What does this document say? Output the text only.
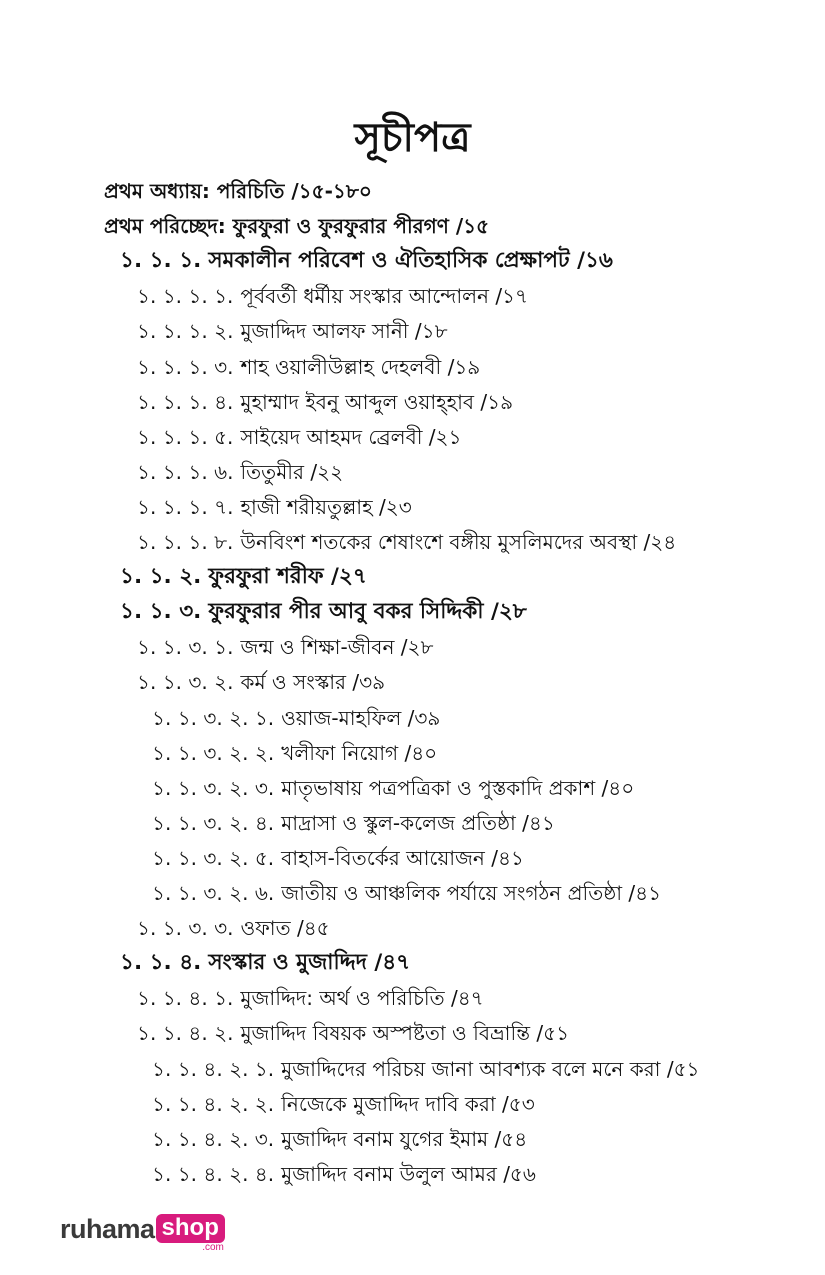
সূচীপত্র
প্রথম অধ্যায়: পরিচিতি /১৫-১৮০
প্রথম পরিচ্ছেদ: ফুরফুরা ও ফুরফুরার পীরগণ /১৫
১. ১. ১. সমকালীন পরিবেশ ও ঐতিহাসিক প্রেক্ষাপট /১৬
১. ১. ১. ১. পূর্ববর্তী ধর্মীয় সংস্কার আন্দোলন /১৭
১. ১. ১. ২. মুজাদ্দিদ আলফ সানী /১৮
১. ১. ১. ৩. শাহ ওয়ালীউল্লাহ দেহলবী /১৯
১. ১. ১. ৪. মুহাম্মাদ ইবনু আব্দুল ওয়াহ্হাব /১৯
১. ১. ১. ৫. সাইয়েদ আহমদ ব্রেলবী /২১
১. ১. ১. ৬. তিতুমীর /২২
১. ১. ১. ৭. হাজী শরীয়তুল্লাহ /২৩
১. ১. ১. ৮. উনবিংশ শতকের শেষাংশে বঙ্গীয় মুসলিমদের অবস্থা /২৪
১. ১. ২. ফুরফুরা শরীফ /২৭
১. ১. ৩. ফুরফুরার পীর আবু বকর সিদ্দিকী /২৮
১. ১. ৩. ১. জন্ম ও শিক্ষা-জীবন /২৮
১. ১. ৩. ২. কর্ম ও সংস্কার /৩৯
১. ১. ৩. ২. ১. ওয়াজ-মাহফিল /৩৯
১. ১. ৩. ২. ২. খলীফা নিয়োগ /৪০
১. ১. ৩. ২. ৩. মাতৃভাষায় পত্রপত্রিকা ও পুস্তকাদি প্রকাশ /৪০
১. ১. ৩. ২. ৪. মাদ্রাসা ও স্কুল-কলেজ প্রতিষ্ঠা /৪১
১. ১. ৩. ২. ৫. বাহাস-বিতর্কের আয়োজন /৪১
১. ১. ৩. ২. ৬. জাতীয় ও আঞ্চলিক পর্যায়ে সংগঠন প্রতিষ্ঠা /৪১
১. ১. ৩. ৩. ওফাত /৪৫
১. ১. ৪. সংস্কার ও মুজাদ্দিদ /৪৭
১. ১. ৪. ১. মুজাদ্দিদ: অর্থ ও পরিচিতি /৪৭
১. ১. ৪. ২. মুজাদ্দিদ বিষয়ক অস্পষ্টতা ও বিভ্রান্তি /৫১
১. ১. ৪. ২. ১. মুজাদ্দিদের পরিচয় জানা আবশ্যক বলে মনে করা /৫১
১. ১. ৪. ২. ২. নিজেকে মুজাদ্দিদ দাবি করা /৫৩
১. ১. ৪. ২. ৩. মুজাদ্দিদ বনাম যুগের ইমাম /৫৪
১. ১. ৪. ২. ৪. মুজাদ্দিদ বনাম উলুল আমর /৫৬
ruhama shop
.com
